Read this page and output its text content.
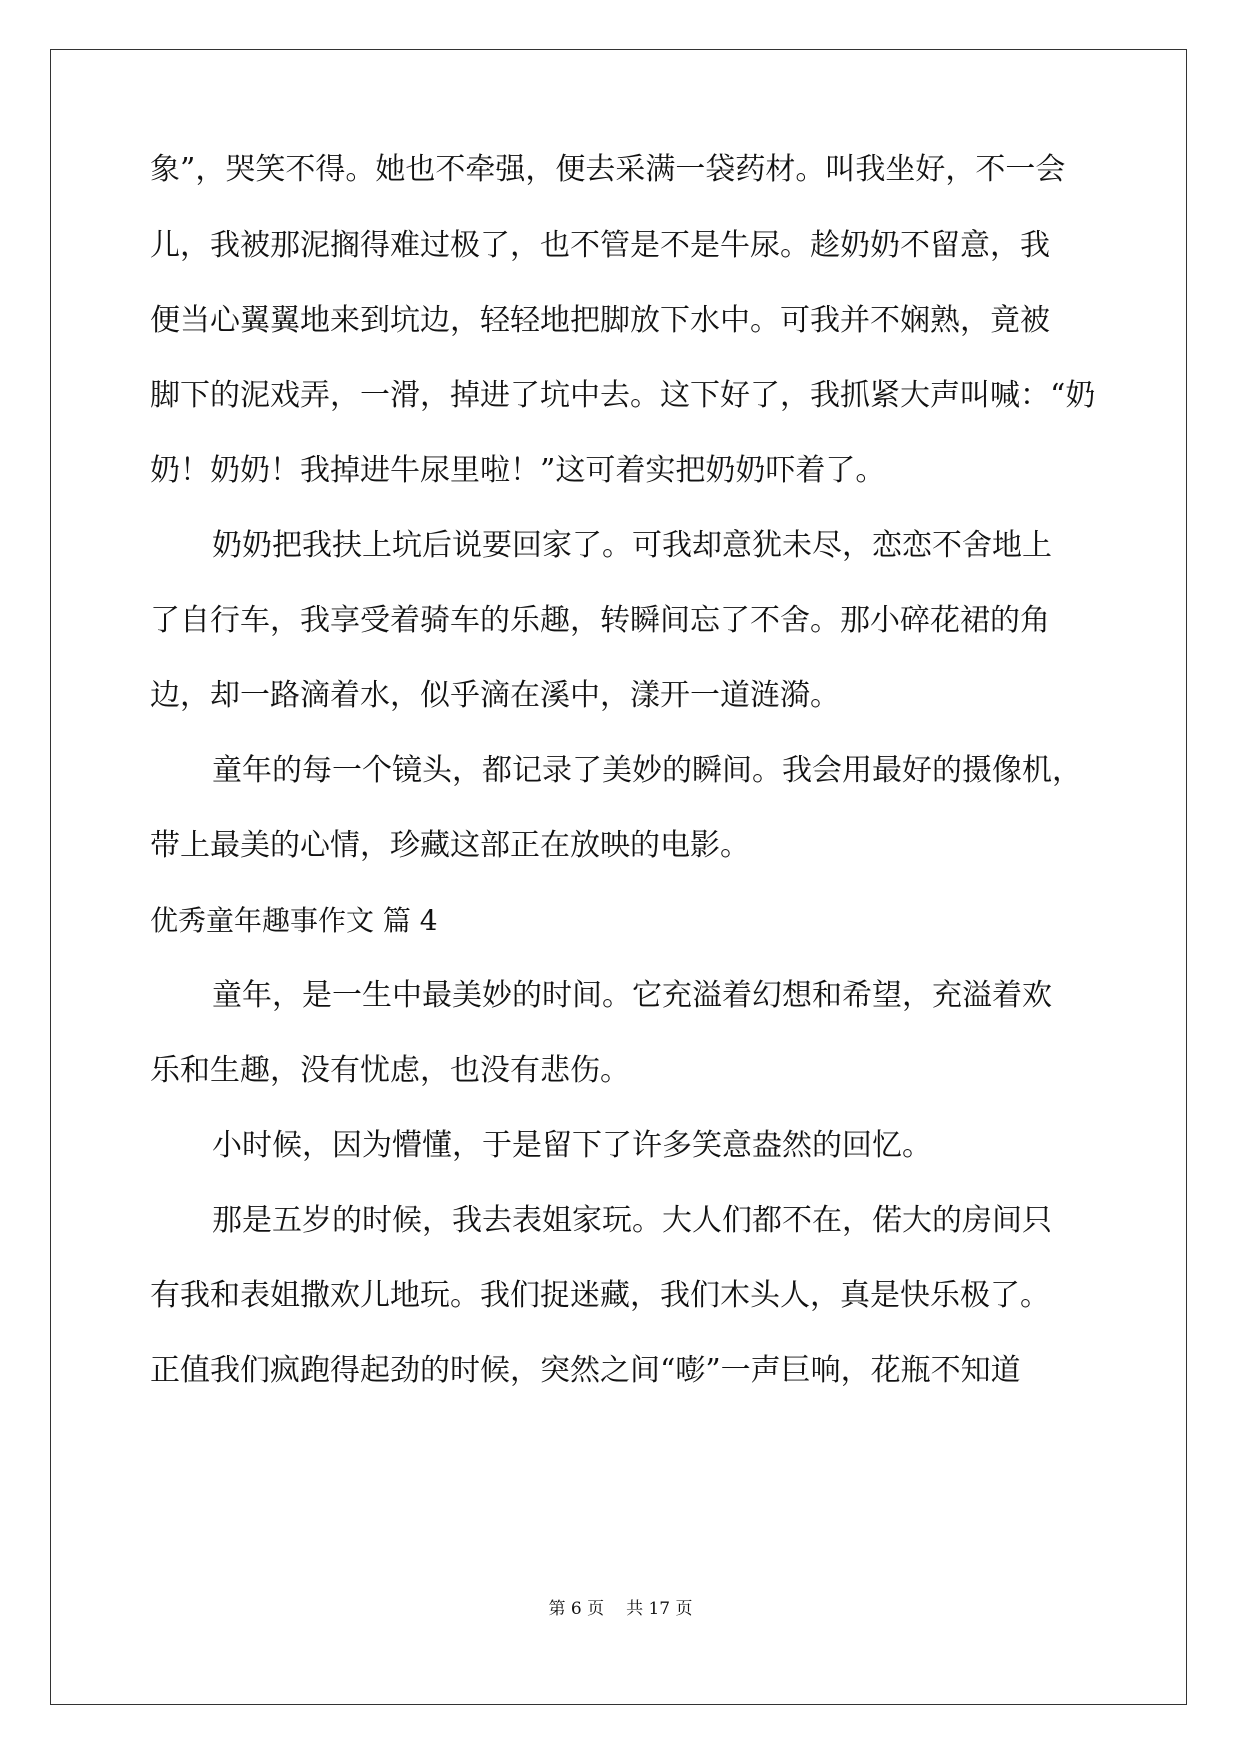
象”，哭笑不得。她也不牵强，便去采满一袋药材。叫我坐好，不一会
儿，我被那泥搁得难过极了，也不管是不是牛尿。趁奶奶不留意，我
便当心翼翼地来到坑边，轻轻地把脚放下水中。可我并不娴熟，竟被
脚下的泥戏弄，一滑，掉进了坑中去。这下好了，我抓紧大声叫喊：“奶
奶！奶奶！我掉进牛尿里啦！”这可着实把奶奶吓着了。
奶奶把我扶上坑后说要回家了。可我却意犹未尽，恋恋不舍地上
了自行车，我享受着骑车的乐趣，转瞬间忘了不舍。那小碎花裙的角
边，却一路滴着水，似乎滴在溪中，漾开一道涟漪。
童年的每一个镜头，都记录了美妙的瞬间。我会用最好的摄像机，
带上最美的心情，珍藏这部正在放映的电影。
优秀童年趣事作文 篇 4
童年，是一生中最美妙的时间。它充溢着幻想和希望，充溢着欢
乐和生趣，没有忧虑，也没有悲伤。
小时候，因为懵懂，于是留下了许多笑意盎然的回忆。
那是五岁的时候，我去表姐家玩。大人们都不在，偌大的房间只
有我和表姐撒欢儿地玩。我们捉迷藏，我们木头人，真是快乐极了。
正值我们疯跑得起劲的时候，突然之间“嘭”一声巨响，花瓶不知道
第 6 页 共 17 页
